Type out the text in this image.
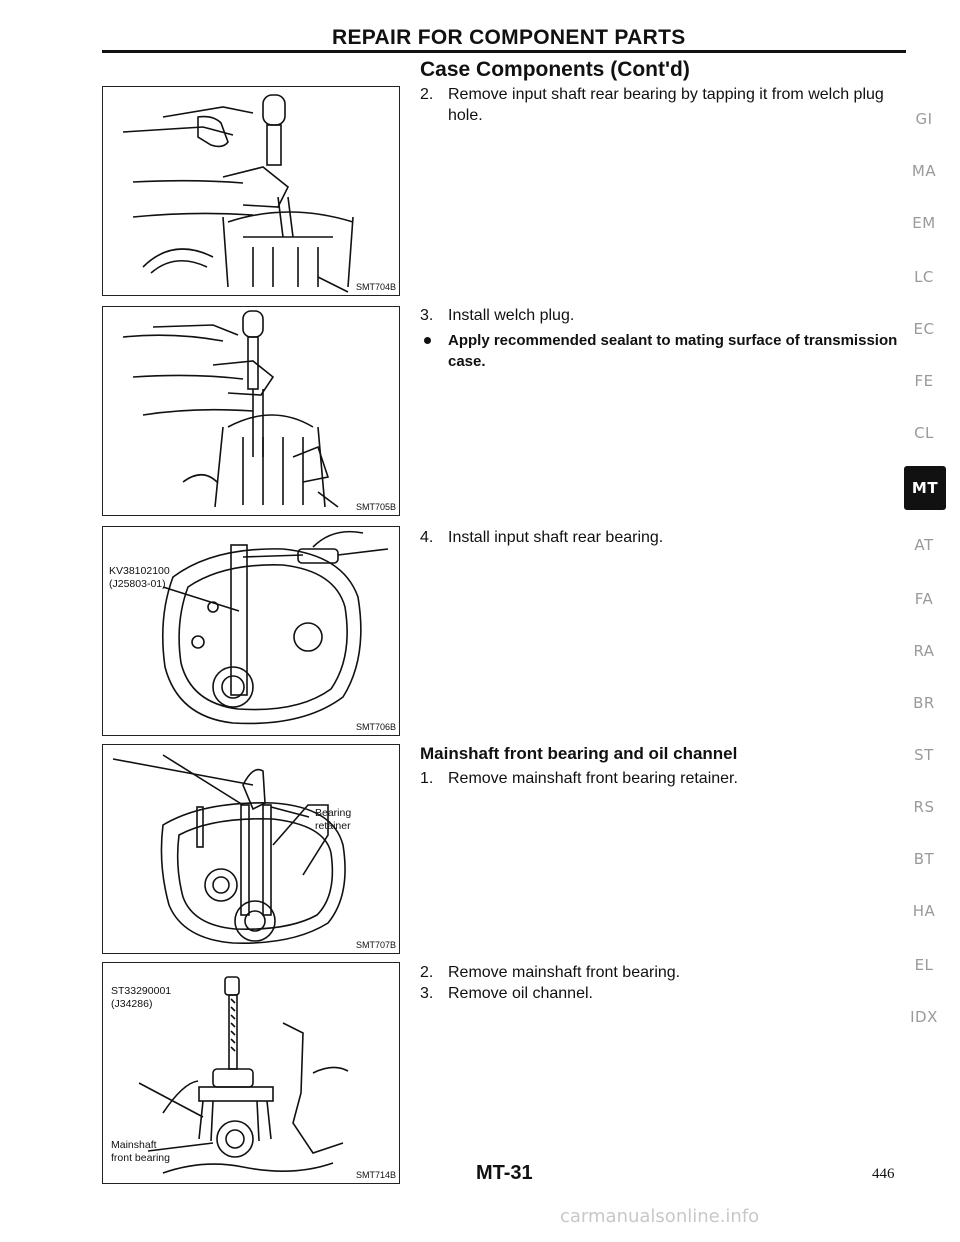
REPAIR FOR COMPONENT PARTS
Case Components (Cont'd)
2. Remove input shaft rear bearing by tapping it from welch plug hole.
3. Install welch plug.
Apply recommended sealant to mating surface of transmission case.
4. Install input shaft rear bearing.
Mainshaft front bearing and oil channel
1. Remove mainshaft front bearing retainer.
2. Remove mainshaft front bearing.
3. Remove oil channel.
SMT704B
SMT705B
KV38102100
(J25803-01)
SMT706B
Bearing
retainer
SMT707B
ST33290001
(J34286)
Mainshaft
front bearing
SMT714B
GI
MA
EM
LC
EC
FE
CL
MT
AT
FA
RA
BR
ST
RS
BT
HA
EL
IDX
MT-31	446
carmanualsonline.info
